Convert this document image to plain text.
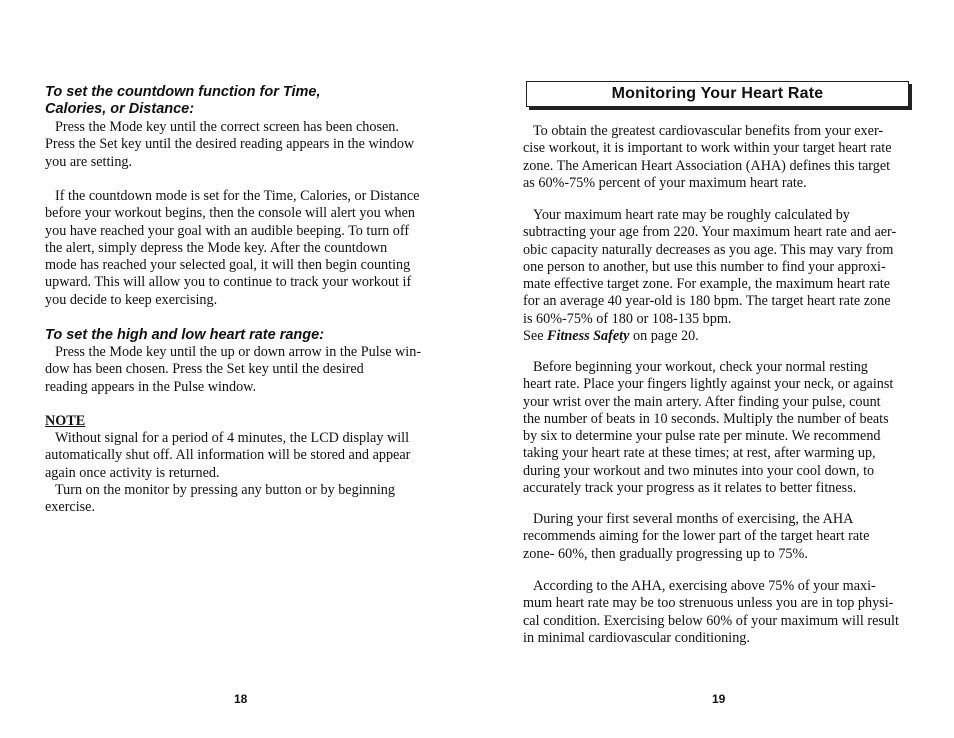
To set the countdown function for Time,
Calories, or Distance:

Press the Mode key until the correct screen has been chosen.
Press the Set key until the desired reading appears in the window
you are setting.

If the countdown mode is set for the Time, Calories, or Distance
before your workout begins, then the console will alert you when
you have reached your goal with an audible beeping. To turn off
the alert, simply depress the Mode key. After the countdown
mode has reached your selected goal, it will then begin counting
upward. This will allow you to continue to track your workout if
you decide to keep exercising.

To set the high and low heart rate range:

Press the Mode key until the up or down arrow in the Pulse win-
dow has been chosen. Press the Set key until the desired
reading appears in the Pulse window.

NOTE

Without signal for a period of 4 minutes, the LCD display will
automatically shut off. All information will be stored and appear
again once activity is returned.

Turn on the monitor by pressing any button or by beginning
exercise.

18
Monitoring Your Heart Rate

To obtain the greatest cardiovascular benefits from your exer-
cise workout, it is important to work within your target heart rate
zone. The American Heart Association (AHA) defines this target
as 60%-75% percent of your maximum heart rate.

Your maximum heart rate may be roughly calculated by
subtracting your age from 220. Your maximum heart rate and aer-
obic capacity naturally decreases as you age. This may vary from
one person to another, but use this number to find your approxi-
mate effective target zone. For example, the maximum heart rate
for an average 40 year-old is 180 bpm. The target heart rate zone
is 60%-75% of 180 or 108-135 bpm.
See Fitness Safety on page 20.

Before beginning your workout, check your normal resting
heart rate. Place your fingers lightly against your neck, or against
your wrist over the main artery. After finding your pulse, count
the number of beats in 10 seconds. Multiply the number of beats
by six to determine your pulse rate per minute. We recommend
taking your heart rate at these times; at rest, after warming up,
during your workout and two minutes into your cool down, to
accurately track your progress as it relates to better fitness.

During your first several months of exercising, the AHA
recommends aiming for the lower part of the target heart rate
zone- 60%, then gradually progressing up to 75%.

According to the AHA, exercising above 75% of your maxi-
mum heart rate may be too strenuous unless you are in top physi-
cal condition. Exercising below 60% of your maximum will result
in minimal cardiovascular conditioning.

19
